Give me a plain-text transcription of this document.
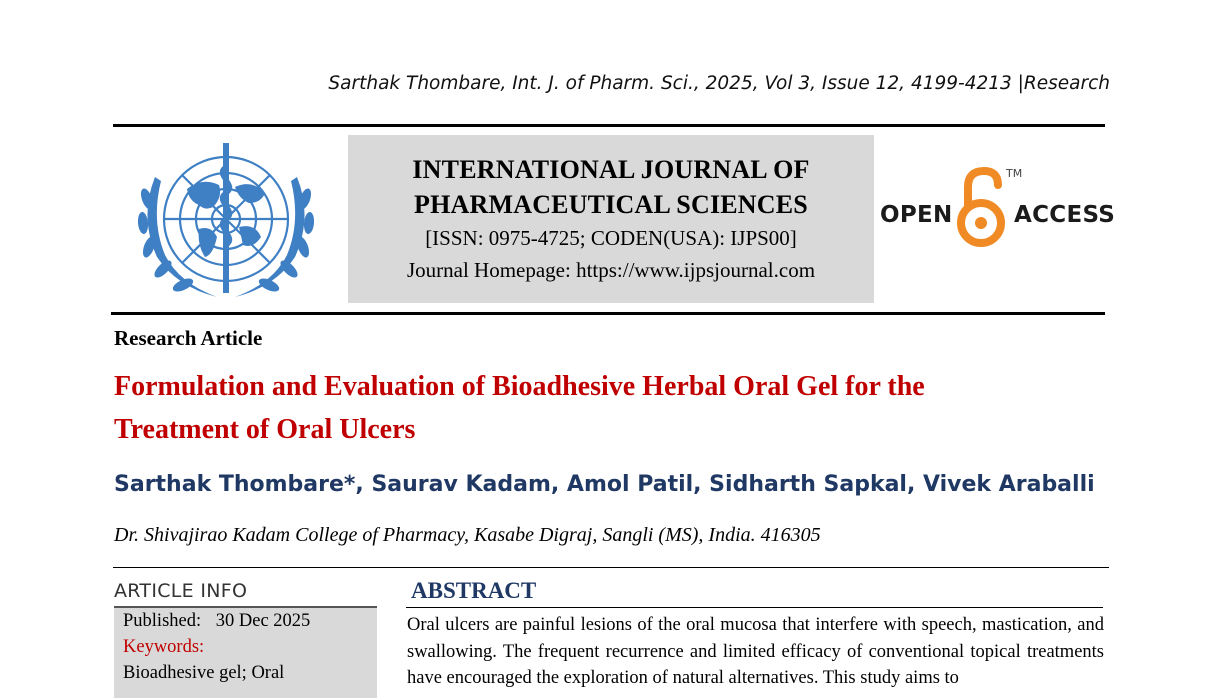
Sarthak Thombare, Int. J. of Pharm. Sci., 2025, Vol 3, Issue 12, 4199-4213 |Research
INTERNATIONAL JOURNAL OF
PHARMACEUTICAL SCIENCES
[ISSN: 0975-4725; CODEN(USA): IJPS00]
Journal Homepage: https://www.ijpsjournal.com
OPEN
TM
ACCESS
Research Article
Formulation and Evaluation of Bioadhesive Herbal Oral Gel for the
Treatment of Oral Ulcers
Sarthak Thombare*, Saurav Kadam, Amol Patil, Sidharth Sapkal, Vivek Araballi
Dr. Shivajirao Kadam College of Pharmacy, Kasabe Digraj, Sangli (MS), India. 416305
ARTICLE INFO
Published: 30 Dec 2025
Keywords:
Bioadhesive gel; Oral
ABSTRACT
Oral ulcers are painful lesions of the oral mucosa that interfere with speech, mastication, and swallowing. The frequent recurrence and limited efficacy of conventional topical treatments have encouraged the exploration of natural alternatives. This study aims to
